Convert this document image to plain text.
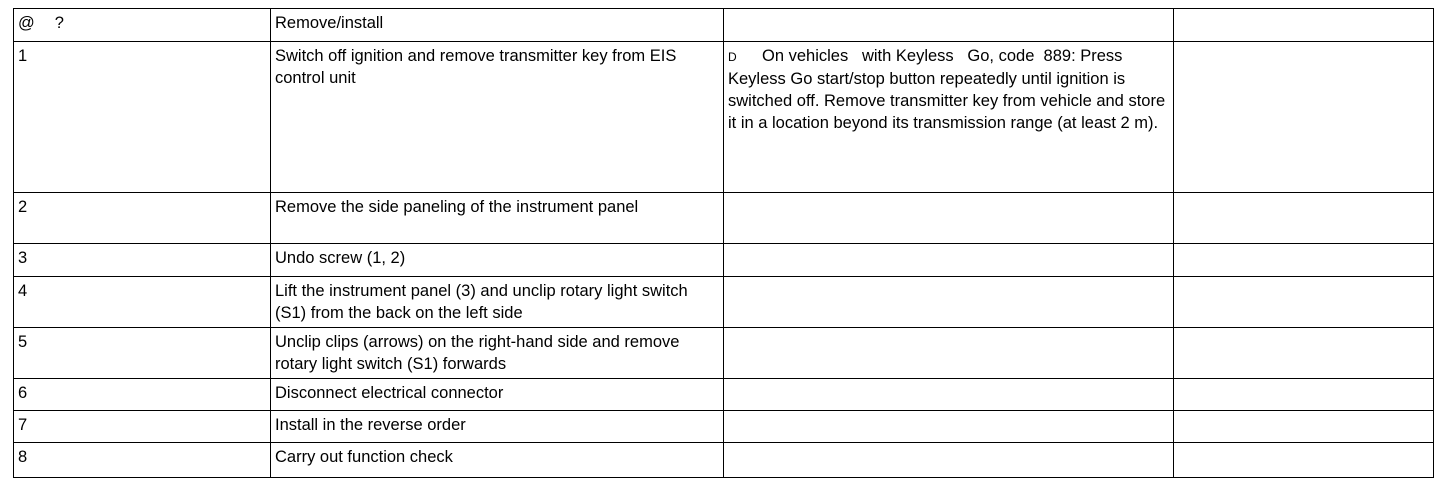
@ ?	Remove/install		
1	Switch off ignition and remove transmitter key from EIS control unit	D On vehicles   with Keyless   Go, code  889: Press Keyless Go start/stop button repeatedly until ignition is switched off. Remove transmitter key from vehicle and store it in a location beyond its transmission range (at least 2 m).	
2	Remove the side paneling of the instrument panel		
3	Undo screw (1, 2)		
4	Lift the instrument panel (3) and unclip rotary light switch (S1) from the back on the left side		
5	Unclip clips (arrows) on the right-hand side and remove rotary light switch (S1) forwards		
6	Disconnect electrical connector		
7	Install in the reverse order		
8	Carry out function check		
